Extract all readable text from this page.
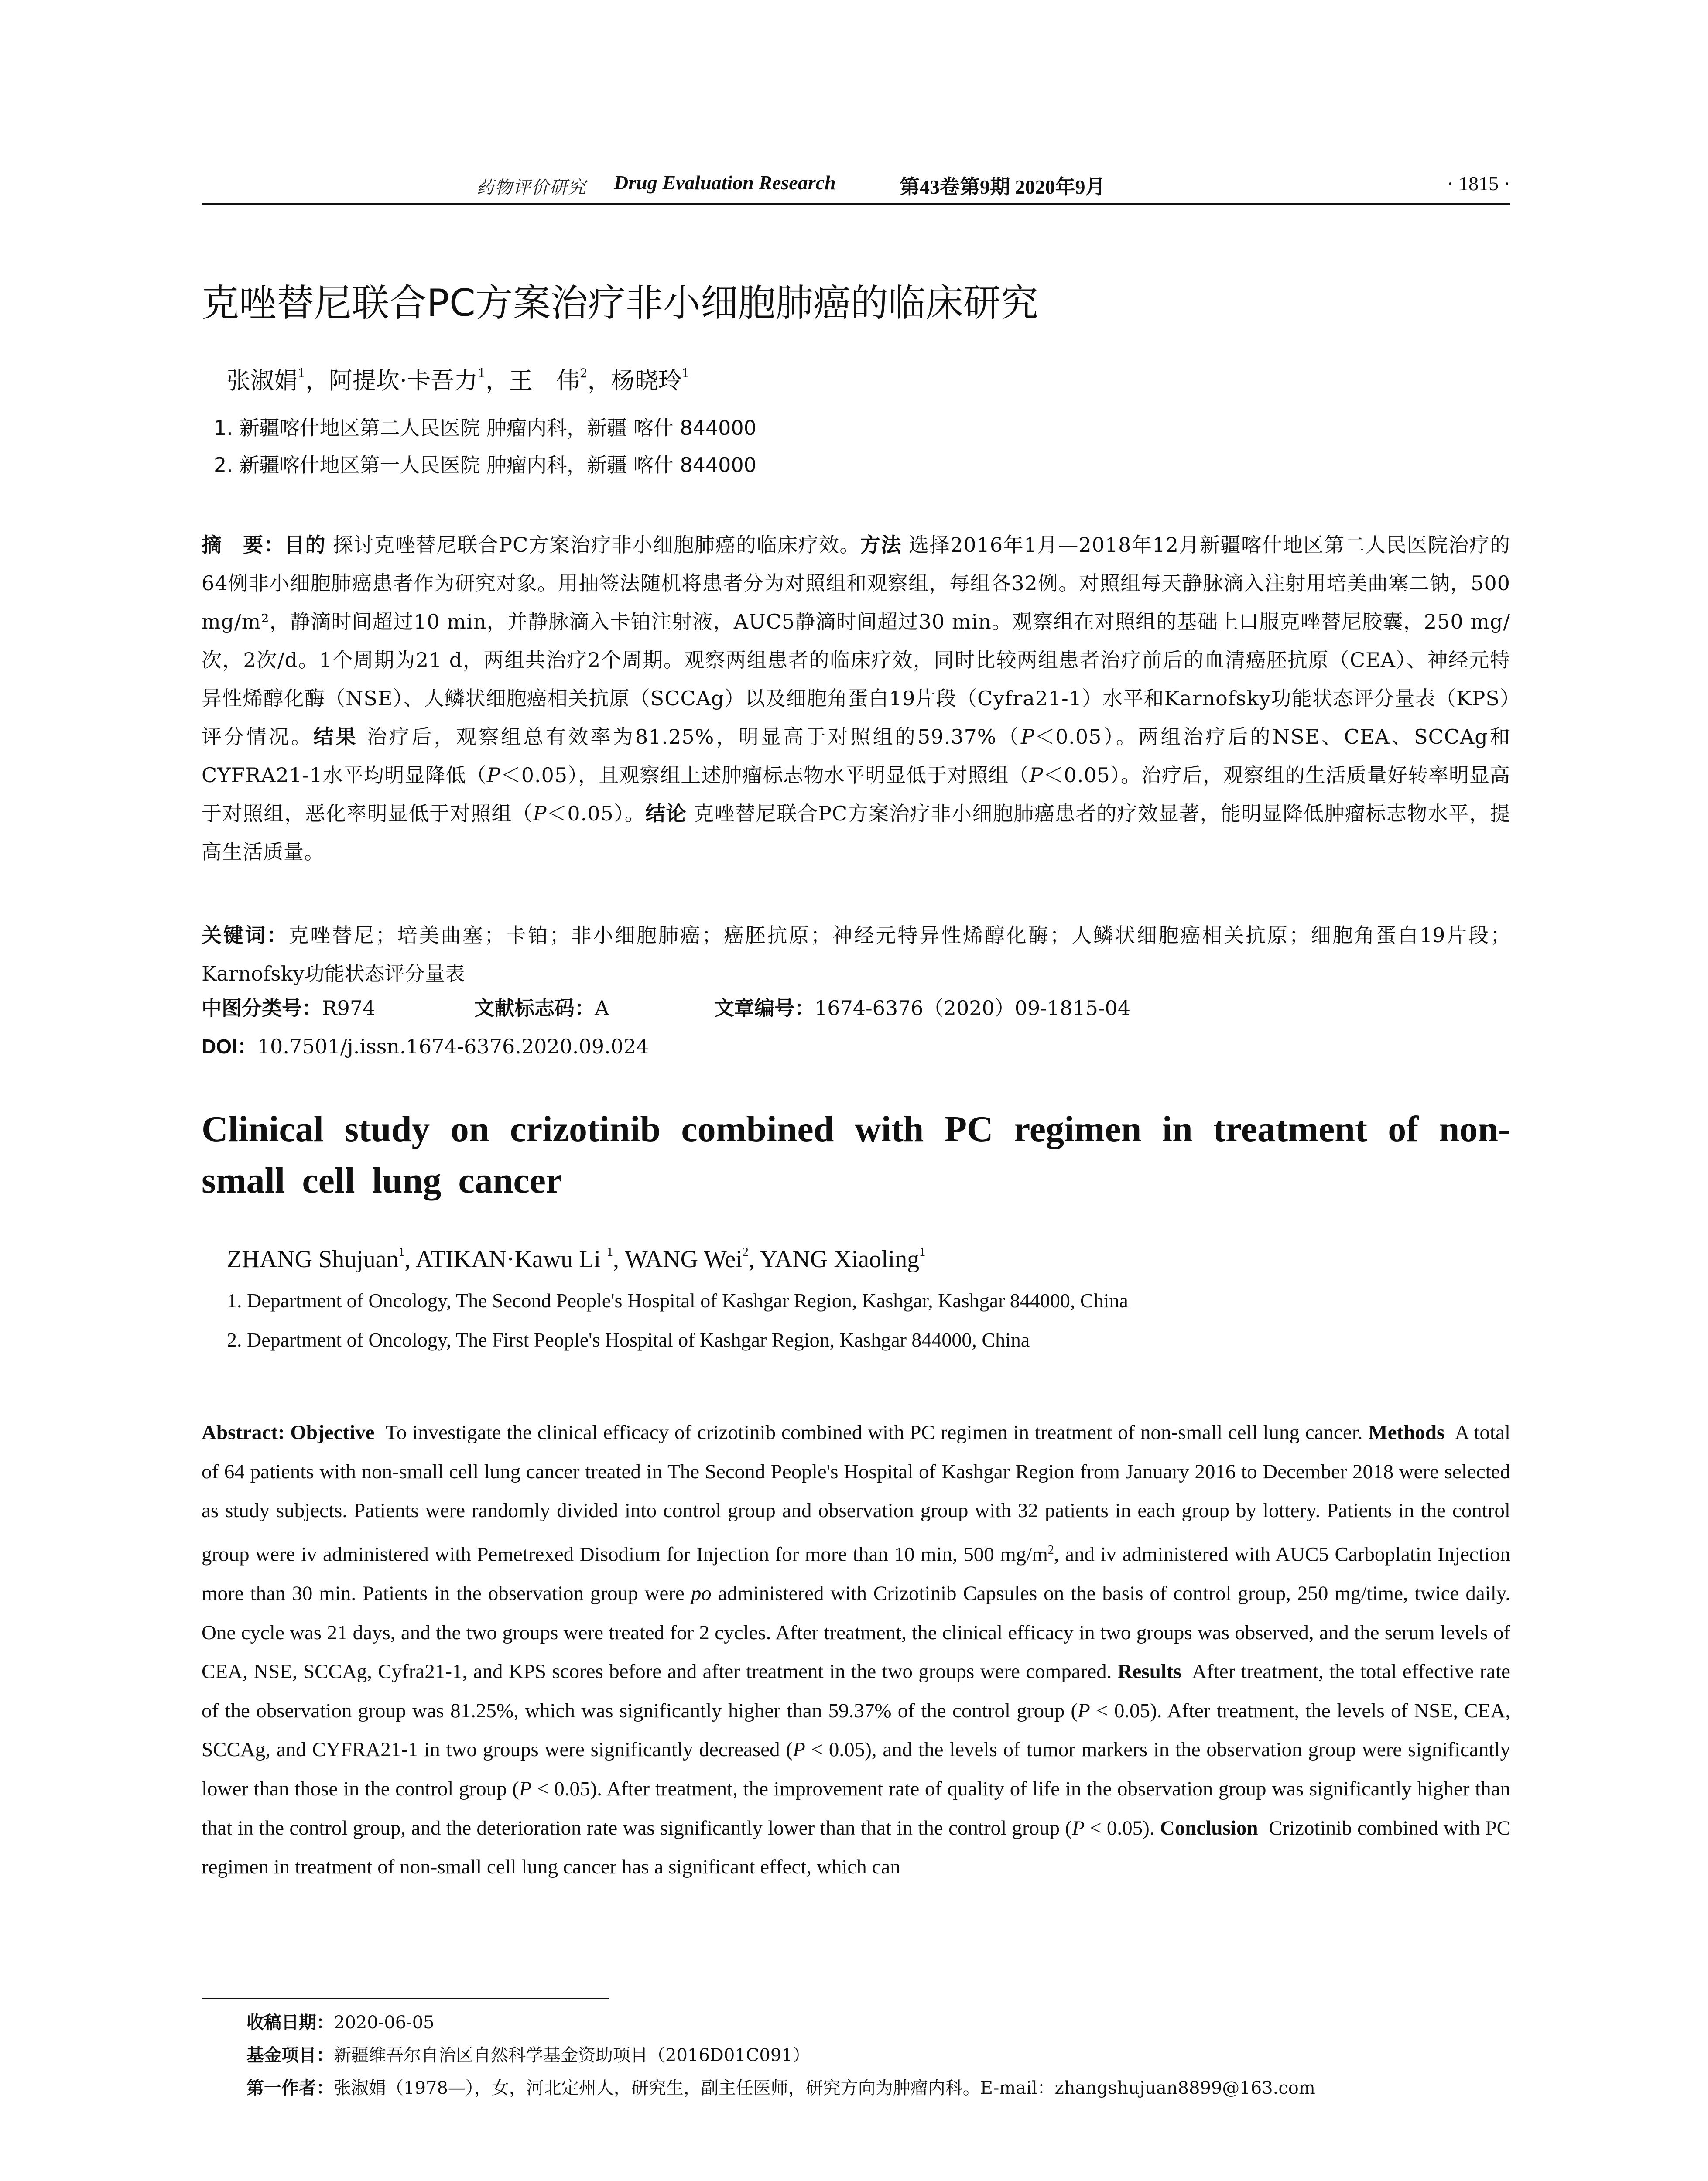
药物评价研究 Drug Evaluation Research	第43卷第9期 2020年9月	· 1815 ·
克唑替尼联合PC方案治疗非小细胞肺癌的临床研究
张淑娟$^1$，阿提坎·卡吾力$^1$，王　伟$^2$，杨晓玲$^1$
1. 新疆喀什地区第二人民医院 肿瘤内科，新疆 喀什 844000
2. 新疆喀什地区第一人民医院 肿瘤内科，新疆 喀什 844000
摘　要：目的 探讨克唑替尼联合PC方案治疗非小细胞肺癌的临床疗效。方法 选择2016年1月—2018年12月新疆喀什地区第二人民医院治疗的64例非小细胞肺癌患者作为研究对象。用抽签法随机将患者分为对照组和观察组，每组各32例。对照组每天静脉滴入注射用培美曲塞二钠，500 mg/m²，静滴时间超过10 min，并静脉滴入卡铂注射液，AUC5静滴时间超过30 min。观察组在对照组的基础上口服克唑替尼胶囊，250 mg/次，2次/d。1个周期为21 d，两组共治疗2个周期。观察两组患者的临床疗效，同时比较两组患者治疗前后的血清癌胚抗原（CEA）、神经元特异性烯醇化酶（NSE）、人鳞状细胞癌相关抗原（SCCAg）以及细胞角蛋白19片段（Cyfra21-1）水平和Karnofsky功能状态评分量表（KPS）评分情况。结果 治疗后，观察组总有效率为81.25%，明显高于对照组的59.37%（P＜0.05）。两组治疗后的NSE、CEA、SCCAg和CYFRA21-1水平均明显降低（P＜0.05），且观察组上述肿瘤标志物水平明显低于对照组（P＜0.05）。治疗后，观察组的生活质量好转率明显高于对照组，恶化率明显低于对照组（P＜0.05）。结论 克唑替尼联合PC方案治疗非小细胞肺癌患者的疗效显著，能明显降低肿瘤标志物水平，提高生活质量。
关键词：克唑替尼；培美曲塞；卡铂；非小细胞肺癌；癌胚抗原；神经元特异性烯醇化酶；人鳞状细胞癌相关抗原；细胞角蛋白19片段；Karnofsky功能状态评分量表
中图分类号：R974	文献标志码：A	文章编号：1674-6376（2020）09-1815-04
DOI：10.7501/j.issn.1674-6376.2020.09.024
Clinical study on crizotinib combined with PC regimen in treatment of non-small cell lung cancer
ZHANG Shujuan$^1$, ATIKAN·Kawu Li $^1$, WANG Wei$^2$, YANG Xiaoling$^1$
1. Department of Oncology, The Second People's Hospital of Kashgar Region, Kashgar, Kashgar 844000, China
2. Department of Oncology, The First People's Hospital of Kashgar Region, Kashgar 844000, China
Abstract: Objective To investigate the clinical efficacy of crizotinib combined with PC regimen in treatment of non-small cell lung cancer. Methods A total of 64 patients with non-small cell lung cancer treated in The Second People's Hospital of Kashgar Region from January 2016 to December 2018 were selected as study subjects. Patients were randomly divided into control group and observation group with 32 patients in each group by lottery. Patients in the control group were iv administered with Pemetrexed Disodium for Injection for more than 10 min, 500 $mg/m^2$, and iv administered with AUC5 Carboplatin Injection more than 30 min. Patients in the observation group were po administered with Crizotinib Capsules on the basis of control group, 250 mg/time, twice daily. One cycle was 21 days, and the two groups were treated for 2 cycles. After treatment, the clinical efficacy in two groups was observed, and the serum levels of CEA, NSE, SCCAg, Cyfra21-1, and KPS scores before and after treatment in the two groups were compared. Results After treatment, the total effective rate of the observation group was 81.25%, which was significantly higher than 59.37% of the control group (P < 0.05). After treatment, the levels of NSE, CEA, SCCAg, and CYFRA21-1 in two groups were significantly decreased (P < 0.05), and the levels of tumor markers in the observation group were significantly lower than those in the control group (P < 0.05). After treatment, the improvement rate of quality of life in the observation group was significantly higher than that in the control group, and the deterioration rate was significantly lower than that in the control group (P < 0.05). Conclusion Crizotinib combined with PC regimen in treatment of non-small cell lung cancer has a significant effect, which can
收稿日期：2020-06-05
基金项目：新疆维吾尔自治区自然科学基金资助项目（2016D01C091）
第一作者：张淑娟（1978—），女，河北定州人，研究生，副主任医师，研究方向为肿瘤内科。E-mail：zhangshujuan8899@163.com
